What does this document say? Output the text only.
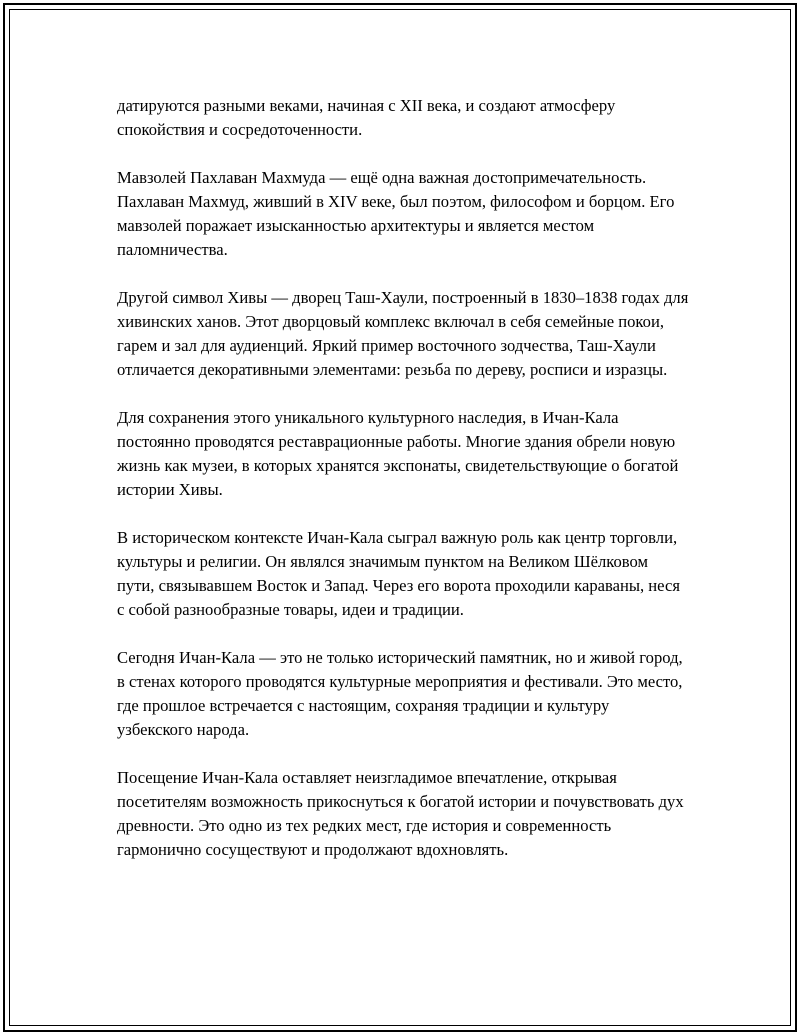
датируются разными веками, начиная с XII века, и создают атмосферу спокойствия и сосредоточенности.

Мавзолей Пахлаван Махмуда — ещё одна важная достопримечательность. Пахлаван Махмуд, живший в XIV веке, был поэтом, философом и борцом. Его мавзолей поражает изысканностью архитектуры и является местом паломничества.

Другой символ Хивы — дворец Таш-Хаули, построенный в 1830–1838 годах для хивинских ханов. Этот дворцовый комплекс включал в себя семейные покои, гарем и зал для аудиенций. Яркий пример восточного зодчества, Таш-Хаули отличается декоративными элементами: резьба по дереву, росписи и изразцы.

Для сохранения этого уникального культурного наследия, в Ичан-Кала постоянно проводятся реставрационные работы. Многие здания обрели новую жизнь как музеи, в которых хранятся экспонаты, свидетельствующие о богатой истории Хивы.

В историческом контексте Ичан-Кала сыграл важную роль как центр торговли, культуры и религии. Он являлся значимым пунктом на Великом Шёлковом пути, связывавшем Восток и Запад. Через его ворота проходили караваны, неся с собой разнообразные товары, идеи и традиции.

Сегодня Ичан-Кала — это не только исторический памятник, но и живой город, в стенах которого проводятся культурные мероприятия и фестивали. Это место, где прошлое встречается с настоящим, сохраняя традиции и культуру узбекского народа.

Посещение Ичан-Кала оставляет неизгладимое впечатление, открывая посетителям возможность прикоснуться к богатой истории и почувствовать дух древности. Это одно из тех редких мест, где история и современность гармонично сосуществуют и продолжают вдохновлять.
